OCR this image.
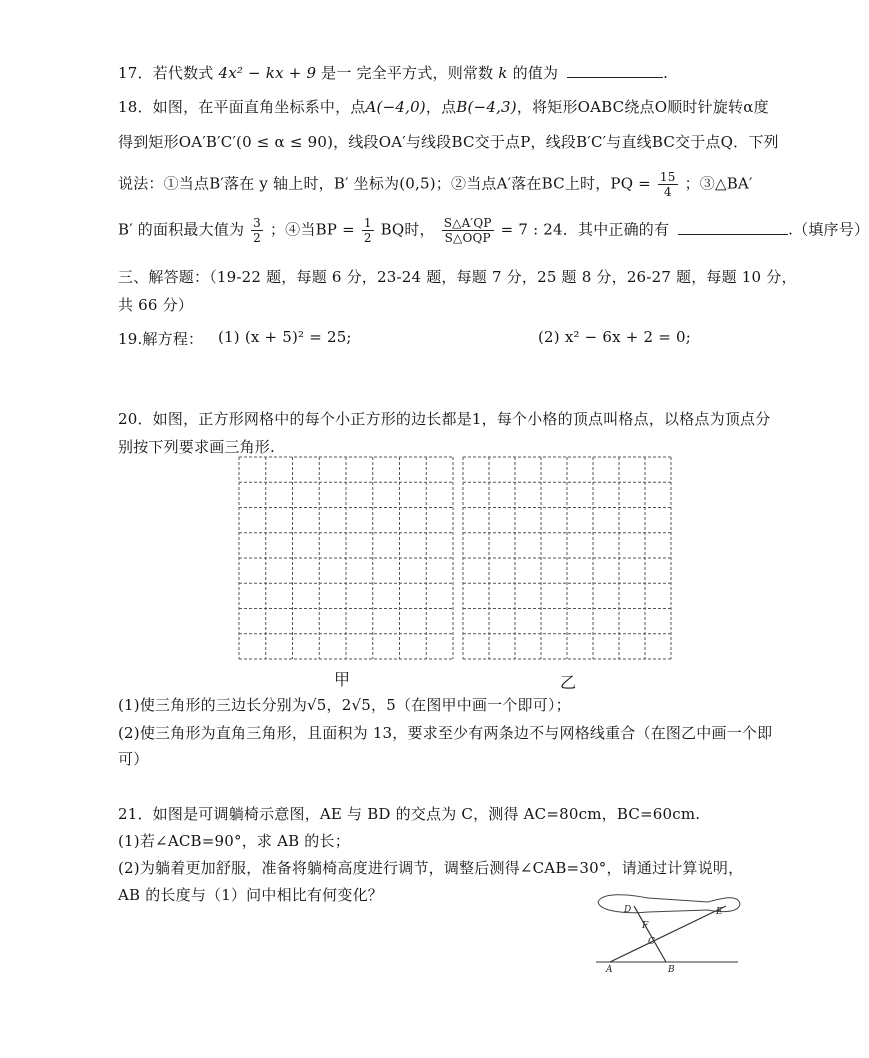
17．若代数式 4x² − kx + 9 是一 完全平方式，则常数 k 的值为	.
18．如图，在平面直角坐标系中，点A(−4,0)，点B(−4,3)，将矩形OABC绕点O顺时针旋转α度
得到矩形OA′B′C′(0 ≤ α ≤ 90)，线段OA′与线段BC交于点P，线段B′C′与直线BC交于点Q．下列
说法：①当点B′落在 y 轴上时，B′ 坐标为(0,5)；②当点A′落在BC上时，PQ = $\frac{15}{4}$ ；③△BA′
B′ 的面积最大值为 $\frac{3}{2}$ ；④当BP = $\frac{1}{2}$ BQ时， $\frac{S\triangle A'QP}{\text{S△OQP}} = 7$ : 24．其中正确的有	.（填序号）
三、解答题：（19-22 题，每题 6 分，23-24 题，每题 7 分，25 题 8 分，26-27 题，每题 10 分，
共 66 分）
19.解方程： (1) (x + 5)² = 25;	(2) x² − 6x + 2 = 0;
20．如图，正方形网格中的每个小正方形的边长都是1，每个小格的顶点叫格点，以格点为顶点分
别按下列要求画三角形.
甲	乙
(1)使三角形的三边长分别为√5，2√5，5（在图甲中画一个即可）；
(2)使三角形为直角三角形，且面积为 13，要求至少有两条边不与网格线重合（在图乙中画一个即
可）
21．如图是可调躺椅示意图，AE 与 BD 的交点为 C，测得 AC=80cm，BC=60cm.
(1)若∠ACB=90°，求 AB 的长；
(2)为躺着更加舒服，准备将躺椅高度进行调节，调整后测得∠CAB=30°，请通过计算说明，
AB 的长度与（1）问中相比有何变化？
D	E
F
C
A	B
